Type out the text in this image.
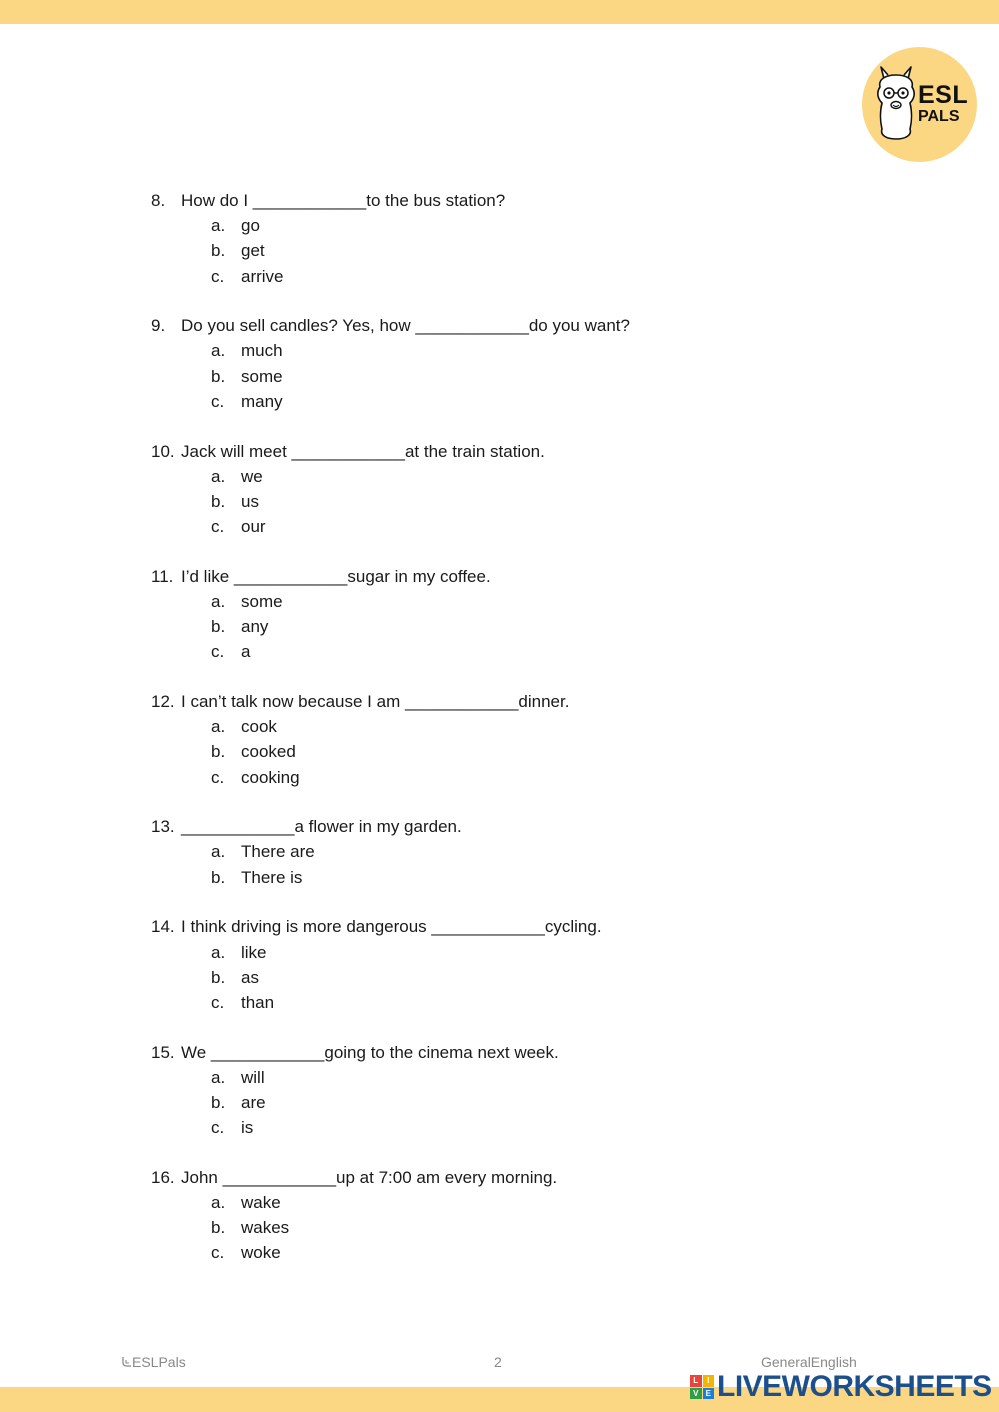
ESL
PALS
8. How do I ____________to the bus station?
a. go
b. get
c. arrive
9. Do you sell candles? Yes, how ____________do you want?
a. much
b. some
c. many
10. Jack will meet ____________at the train station.
a. we
b. us
c. our
11. I’d like ____________sugar in my coffee.
a. some
b. any
c. a
12. I can’t talk now because I am ____________dinner.
a. cook
b. cooked
c. cooking
13. ____________a flower in my garden.
a. There are
b. There is
14. I think driving is more dangerous ____________cycling.
a. like
b. as
c. than
15. We ____________going to the cinema next week.
a. will
b. are
c. is
16. John ____________up at 7:00 am every morning.
a. wake
b. wakes
c. woke
ESLPals	2	GeneralEnglish
L	I
V E LIVEWORKSHEETS
